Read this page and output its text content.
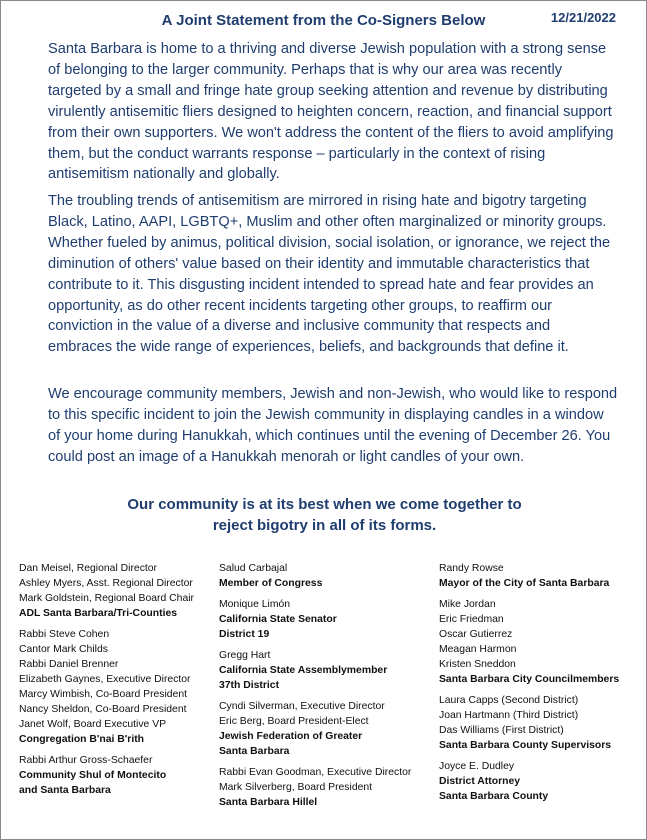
A Joint Statement from the Co-Signers Below	12/21/2022

Santa Barbara is home to a thriving and diverse Jewish population with a strong sense of belonging to the larger community. Perhaps that is why our area was recently targeted by a small and fringe hate group seeking attention and revenue by distributing virulently antisemitic fliers designed to heighten concern, reaction, and financial support from their own supporters. We won't address the content of the fliers to avoid amplifying them, but the conduct warrants response – particularly in the context of rising antisemitism nationally and globally.

The troubling trends of antisemitism are mirrored in rising hate and bigotry targeting Black, Latino, AAPI, LGBTQ+, Muslim and other often marginalized or minority groups. Whether fueled by animus, political division, social isolation, or ignorance, we reject the diminution of others' value based on their identity and immutable characteristics that contribute to it. This disgusting incident intended to spread hate and fear provides an opportunity, as do other recent incidents targeting other groups, to reaffirm our conviction in the value of a diverse and inclusive community that respects and embraces the wide range of experiences, beliefs, and backgrounds that define it.

We encourage community members, Jewish and non-Jewish, who would like to respond to this specific incident to join the Jewish community in displaying candles in a window of your home during Hanukkah, which continues until the evening of December 26. You could post an image of a Hanukkah menorah or light candles of your own.

Our community is at its best when we come together to
reject bigotry in all of its forms.
Dan Meisel, Regional Director
Ashley Myers, Asst. Regional Director
Mark Goldstein, Regional Board Chair
ADL Santa Barbara/Tri-Counties
Rabbi Steve Cohen
Cantor Mark Childs
Rabbi Daniel Brenner
Elizabeth Gaynes, Executive Director
Marcy Wimbish, Co-Board President
Nancy Sheldon, Co-Board President
Janet Wolf, Board Executive VP
Congregation B'nai B'rith
Rabbi Arthur Gross-Schaefer
Community Shul of Montecito
and Santa Barbara
Salud Carbajal
Member of Congress
Monique Limón
California State Senator
District 19
Gregg Hart
California State Assemblymember
37th District
Cyndi Silverman, Executive Director
Eric Berg, Board President-Elect
Jewish Federation of Greater
Santa Barbara
Rabbi Evan Goodman, Executive Director
Mark Silverberg, Board President
Santa Barbara Hillel
Randy Rowse
Mayor of the City of Santa Barbara
Mike Jordan
Eric Friedman
Oscar Gutierrez
Meagan Harmon
Kristen Sneddon
Santa Barbara City Councilmembers
Laura Capps (Second District)
Joan Hartmann (Third District)
Das Williams (First District)
Santa Barbara County Supervisors
Joyce E. Dudley
District Attorney
Santa Barbara County
